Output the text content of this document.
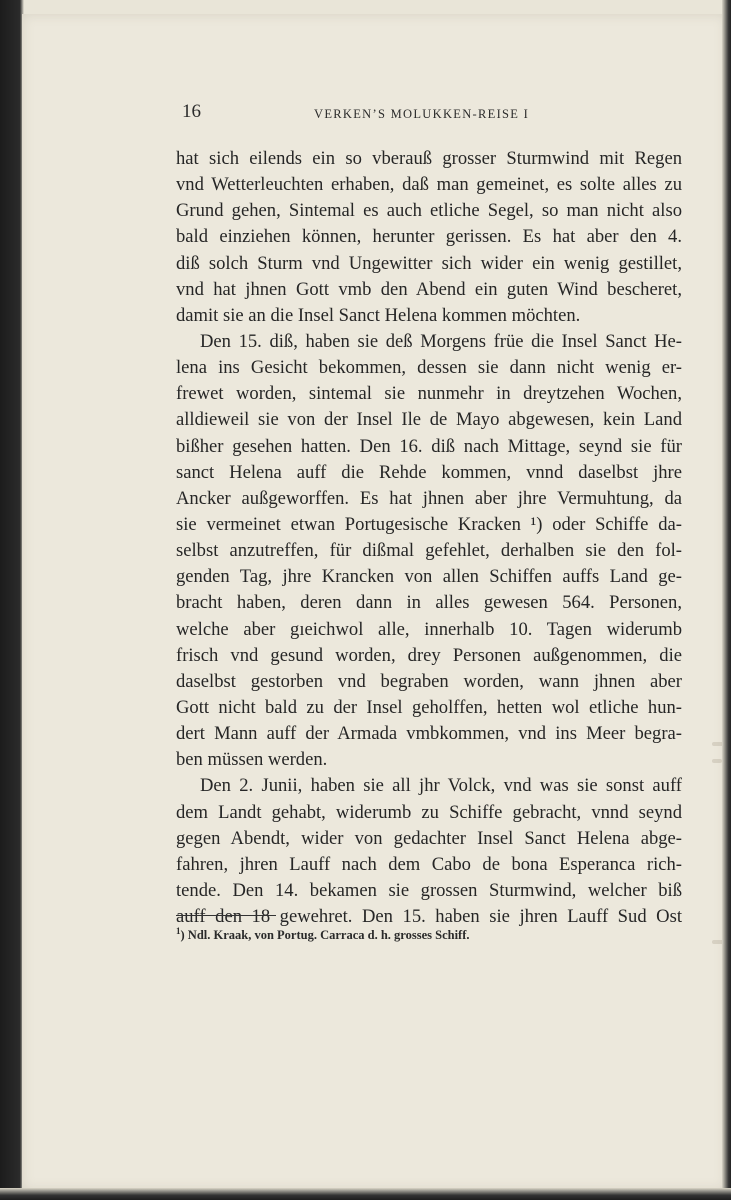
16	VERKEN’S MOLUKKEN-REISE I
hat sich eilends ein so vberauß grosser Sturmwind mit Regen
vnd Wetterleuchten erhaben, daß man gemeinet, es solte alles zu
Grund gehen, Sintemal es auch etliche Segel, so man nicht also
bald einziehen können, herunter gerissen. Es hat aber den 4.
diß solch Sturm vnd Ungewitter sich wider ein wenig gestillet,
vnd hat jhnen Gott vmb den Abend ein guten Wind bescheret,
damit sie an die Insel Sanct Helena kommen möchten.
Den 15. diß, haben sie deß Morgens früe die Insel Sanct He-
lena ins Gesicht bekommen, dessen sie dann nicht wenig er-
frewet worden, sintemal sie nunmehr in dreytzehen Wochen,
alldieweil sie von der Insel Ile de Mayo abgewesen, kein Land
bißher gesehen hatten. Den 16. diß nach Mittage, seynd sie für
sanct Helena auff die Rehde kommen, vnnd daselbst jhre
Ancker außgeworffen. Es hat jhnen aber jhre Vermuhtung, da
sie vermeinet etwan Portugesische Kracken ¹) oder Schiffe da-
selbst anzutreffen, für dißmal gefehlet, derhalben sie den fol-
genden Tag, jhre Krancken von allen Schiffen auffs Land ge-
bracht haben, deren dann in alles gewesen 564. Personen,
welche aber gıeichwol alle, innerhalb 10. Tagen widerumb
frisch vnd gesund worden, drey Personen außgenommen, die
daselbst gestorben vnd begraben worden, wann jhnen aber
Gott nicht bald zu der Insel geholffen, hetten wol etliche hun-
dert Mann auff der Armada vmbkommen, vnd ins Meer begra-
ben müssen werden.
Den 2. Junii, haben sie all jhr Volck, vnd was sie sonst auff
dem Landt gehabt, widerumb zu Schiffe gebracht, vnnd seynd
gegen Abendt, wider von gedachter Insel Sanct Helena abge-
fahren, jhren Lauff nach dem Cabo de bona Esperanca rich-
tende. Den 14. bekamen sie grossen Sturmwind, welcher biß
auff den 18 gewehret. Den 15. haben sie jhren Lauff Sud Ost
$^1$) Ndl. Kraak, von Portug. Carraca d. h. grosses Schiff.
